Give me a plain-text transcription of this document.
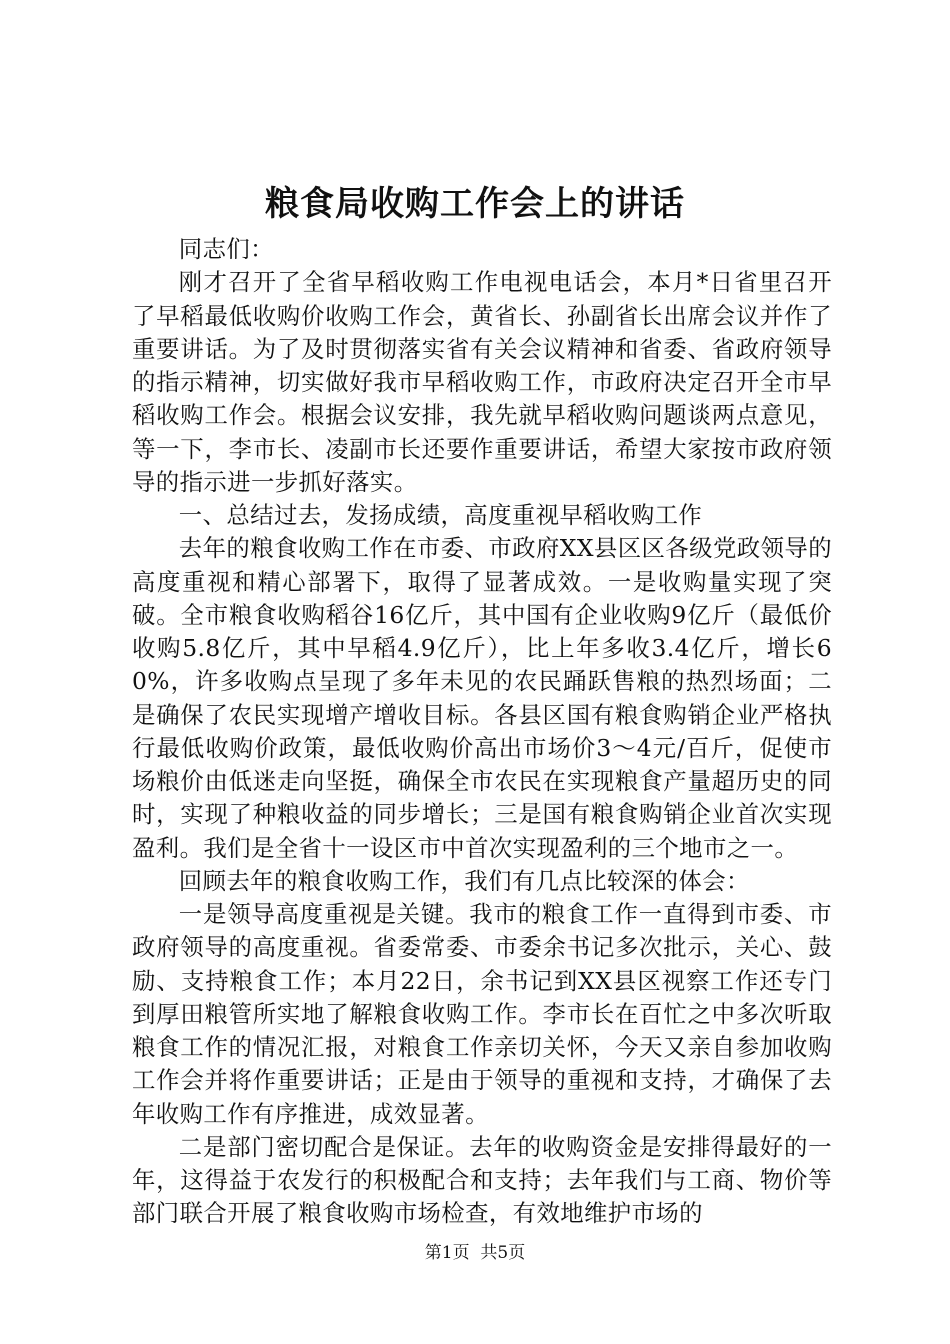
粮食局收购工作会上的讲话

同志们：

刚才召开了全省早稻收购工作电视电话会，本月*日省里召开了早稻最低收购价收购工作会，黄省长、孙副省长出席会议并作了重要讲话。为了及时贯彻落实省有关会议精神和省委、省政府领导的指示精神，切实做好我市早稻收购工作，市政府决定召开全市早稻收购工作会。根据会议安排，我先就早稻收购问题谈两点意见，等一下，李市长、凌副市长还要作重要讲话，希望大家按市政府领导的指示进一步抓好落实。

一、总结过去，发扬成绩，高度重视早稻收购工作

去年的粮食收购工作在市委、市政府XX县区区各级党政领导的高度重视和精心部署下，取得了显著成效。一是收购量实现了突破。全市粮食收购稻谷16亿斤，其中国有企业收购9亿斤（最低价收购5.8亿斤，其中早稻4.9亿斤），比上年多收3.4亿斤，增长60%，许多收购点呈现了多年未见的农民踊跃售粮的热烈场面；二是确保了农民实现增产增收目标。各县区国有粮食购销企业严格执行最低收购价政策，最低收购价高出市场价3～4元/百斤，促使市场粮价由低迷走向坚挺，确保全市农民在实现粮食产量超历史的同时，实现了种粮收益的同步增长；三是国有粮食购销企业首次实现盈利。我们是全省十一设区市中首次实现盈利的三个地市之一。

回顾去年的粮食收购工作，我们有几点比较深的体会：

一是领导高度重视是关键。我市的粮食工作一直得到市委、市政府领导的高度重视。省委常委、市委余书记多次批示，关心、鼓励、支持粮食工作；本月22日，余书记到XX县区视察工作还专门到厚田粮管所实地了解粮食收购工作。李市长在百忙之中多次听取粮食工作的情况汇报，对粮食工作亲切关怀，今天又亲自参加收购工作会并将作重要讲话；正是由于领导的重视和支持，才确保了去年收购工作有序推进，成效显著。

二是部门密切配合是保证。去年的收购资金是安排得最好的一年，这得益于农发行的积极配合和支持；去年我们与工商、物价等部门联合开展了粮食收购市场检查，有效地维护市场的

第1页  共5页
